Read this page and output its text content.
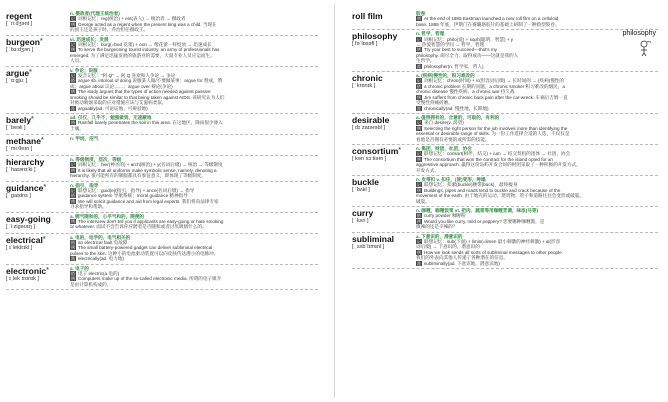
regent
[ ˈriːdʒənt ]
n. 摄政者(代理王统治者)
记 词根记忆：reg(统治) + ent(表人) → 统治者 → 摄政者
例 George acted as a regent when the present king was a child. 当现在
的国王还是孩子时，乔治担任摄政王。
burgeon*
[ ˈbɜːdʒən ]
vi. 迅速成长；发展
记 词根记忆：burg(=bud 花蕾) + eon → 像花蕾一样绽放 → 迅速成长
例 To serve the burgeoning tourist industry, an army of professionals has
emerged. 为了满足迅猛发展的旅游业的需要，大量专业人员应运而生。
人员。
argue*
[ ˈɑːgjuː ]
v. 争论；说服
记 发音记忆："阿 Q" → 阿 Q 喜欢和人争论 → 争论
搭 argue sb. into/out of doing 说服某人做/不要做某事；argue for 赞成，赞
成；argue about 议论……；argue over 辩论(争论)
例 The study argues that the types of action needed against passive
smoking should be similar to that being taken against AIDS. 该研究认为人们
对被动吸烟采取的应对措施应该与艾滋病类似。
派 arguably(ad. 可论证地，可辩驳地)
barely*
[ ˈbeəli ]
ad. 仅仅，几乎不，勉强做到，无遮蔽地
例 Rainfall barely penetrates the soil in this area. 在这地区，降雨很少渗入
土壤。
methane*
[ ˈmiːθeɪn ]
n. 甲烷，沼气
hierarchy
[ ˈhaɪərɑːki ]
n. 等级制度，层次，等级
记 词根记忆：hier(神圣的) + arch(统治) + y(名词后缀) → 统治 → 等级制度
例 It is likely that all uniforms make symbolic sense, namely, denoting a
hierarchy. 很可能所有的制服都具有象征意义，即体现了等级制度。
guidance*
[ ˈgaɪdns ]
n. 指引，指导
记 联想记忆：guid(e)(指引，指导) + ance(名词后缀) → 指导
搭 guidance system 导航系统；moral guidance 精神指导
例 We will solicit guidance and aid from legal experts. 我们将向法律专家
寻求指导和帮助。
easy-going
[ ˈiːziɡəʊɪŋ ]
a. 脾气随和的，心平气和的，随便的
例 The interview don't tell you if applicants are easy-going or hate smoking
or whatever. 面试不会告诉你应聘者是否随和或者讨厌吸烟什么的。
electrical*
[ ɪˈlektrɪkl ]
a. 电的，电学的，电气相关的
搭 an electrical fault 电故障
例 The small battery-powered gadget can deliver subliminal electrical
pulses to the skin. 这种小的电池驱动装置可以向皮肤传达潜小的电脉冲。
派 electrically(ad. 电力地)
electronic*
[ ɪˌlekˈtrɒnɪk ]
a. 电子的
搭 电子 electric(a.电的)
例 Computers make up of the so-called electronic media. 所谓的电子媒介
是由计算机构成的。
roll film	胶卷
例 At the end of 1889 Eastman launched a new roll film on a celluloid
base. 1889 年底，伊斯门在赛璐珞胶片的基础上研制了一种新型胶卷。
philosophy
[ fəˈlɒsəfi ]
n. 哲学，哲理
记 词根记忆：philo(爱) + soph(聪明，智慧) + y
→ 热爱智慧的学问 → 哲学，哲理
例 Try your best to succeed—that's my
philosophy. 竭尽全力，取得成功——这就是我的人
生哲学。
派 philosopher(n. 哲学家，哲人)
philosophy
chronic
[ ˈkrɒnɪk ]
a. (疾病)慢性的，积习难改的
记 词根记忆：chron(时间) + ic(形容词后缀) → 长时间的 → (疾病)慢性的
搭 a chronic problem 长期的问题，a chronic smoker 积习难改的烟民，a
chronic disease 慢性疾病，a chronic war 持久战
例 Jim suffers from chronic back pain after the car-wreck. 车祸后吉姆一直
受慢性背痛折磨。
派 chronically(ad. 慢性地，长期地)
desirable
[ dɪˈzaɪərəbl ]
a. 值得拥有的，合意的，可取的，有利的
记 来自 desire(v. 渴望)
例 Selecting the right person for the job involves more than identifying the
essential or desirable range of skills. 为一份工作选择合适的人选，不仅仅是
看他是否拥有必要的或所需的技能。
consortium*
[ kənˈsɔːtiəm ]
n. 集团，财团，社团，协会
记 联想记忆：consort(相伴，结交) + ium → 结交契机的团体 → 社团，协会
例 The consortium that won the contract for the island opted for an
aggressive approach. 赢得这份岛屿开发合同的财团采取了一种积极的开发方式。
开发方式。
buckle
[ ˈbʌkl ]
n. 皮带扣 v. 扣住，(使)变形，垮塌
记 联想记忆：扣紧(buckle)腰带(buck)，最终瘦身
例 Buildings, pipes and roads tend to buckle and crack because of the
movement of the earth. 由于地壳的运动，建筑物、管子和道路往往会变形或破裂。
破裂。
curry
[ ˈkʌri ]
n. 咖喱，咖喱饭菜 vt. 把肉、蔬菜等用咖喱烹调，味浓(马等)
搭 curry powder 咖喱粉
例 Would you like curry, mild or peppery? 您要哪种咖喱酱，是
微辣的还是辛辣的？
subliminal
[ ˌsʌbˈlɪmɪnl ]
a. 下意识的，潜意识的
记 联想记忆：sub(下面) + limin(=limen 最小刺激的神经刺激) + al(形容
词后缀) → 下意识的，潜意识的
例 How we look sends all sorts of subliminal messages to other people.
我们的外表向其他人传递了各种潜在的信息。
派 subliminally(ad. 下意识地，潜意识地)
